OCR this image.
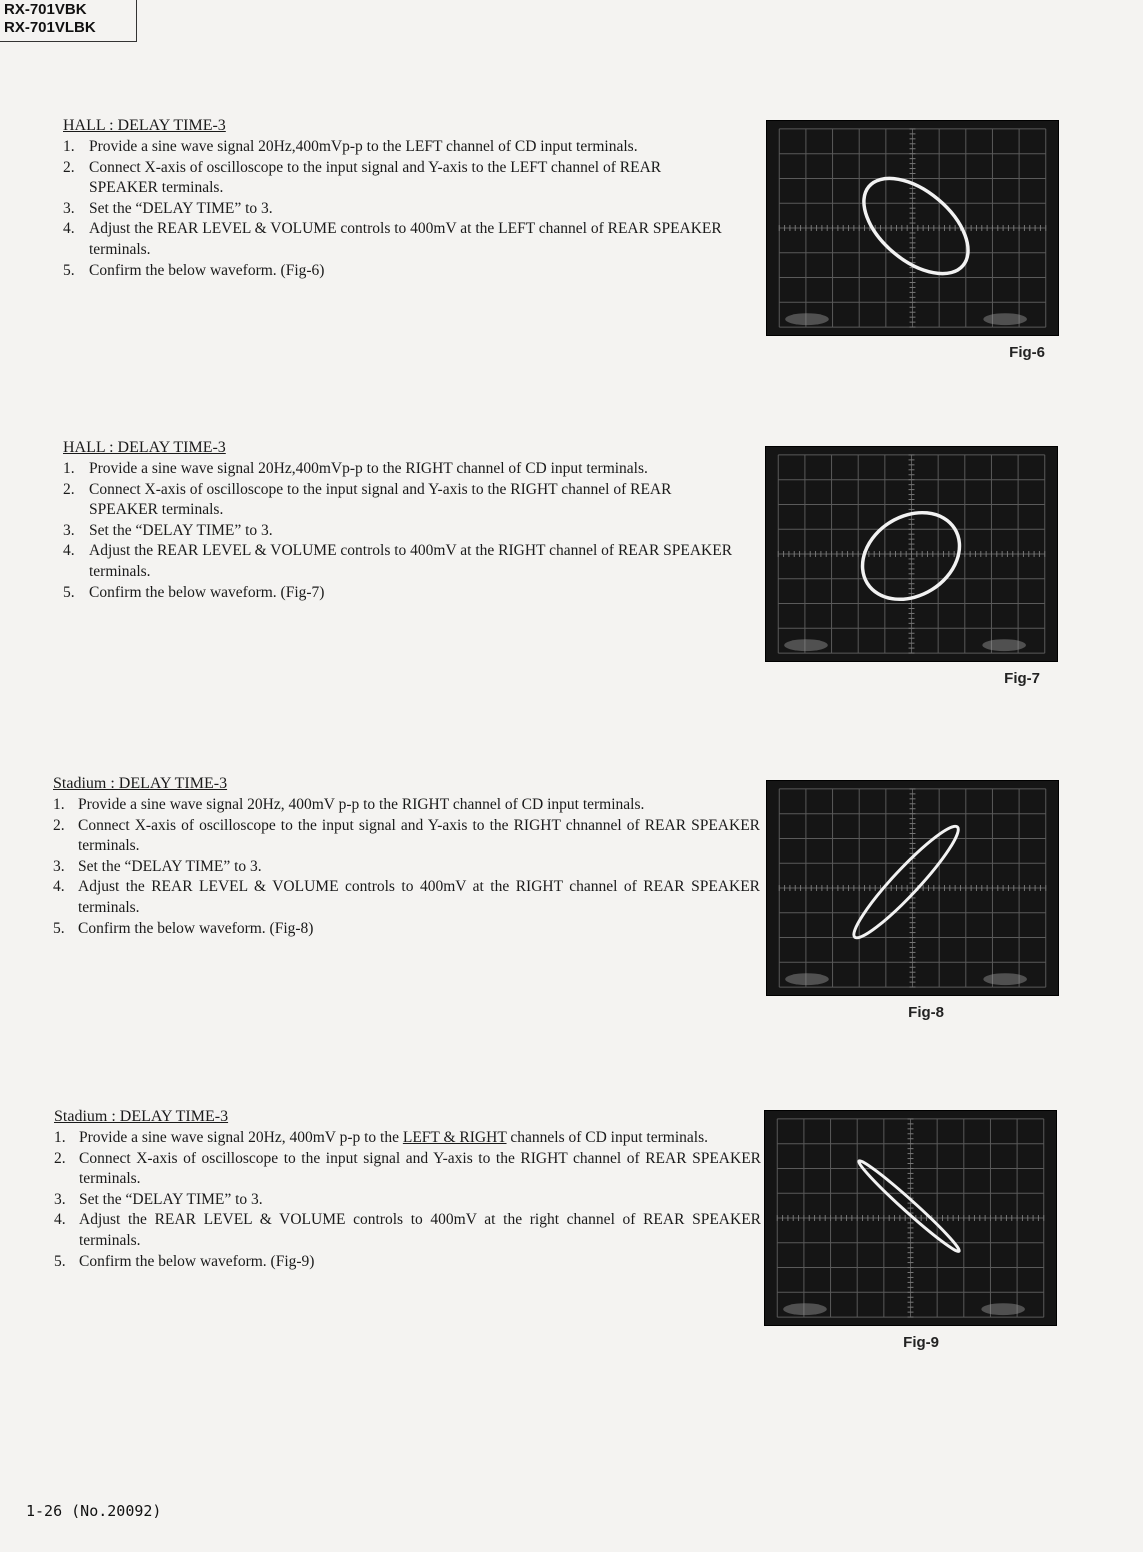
RX-701VBK
RX-701VLBK
HALL : DELAY TIME-3
1. Provide a sine wave signal 20Hz,400mVp-p to the LEFT channel of CD input terminals.
2. Connect X-axis of oscilloscope to the input signal and Y-axis to the LEFT channel of REAR SPEAKER terminals.
3. Set the “DELAY TIME” to 3.
4. Adjust the REAR LEVEL & VOLUME controls to 400mV at the LEFT channel of REAR SPEAKER terminals.
5. Confirm the below waveform. (Fig-6)
Fig-6
HALL : DELAY TIME-3
1. Provide a sine wave signal 20Hz,400mVp-p to the RIGHT channel of CD input terminals.
2. Connect X-axis of oscilloscope to the input signal and Y-axis to the RIGHT channel of REAR SPEAKER terminals.
3. Set the “DELAY TIME” to 3.
4. Adjust the REAR LEVEL & VOLUME controls to 400mV at the RIGHT channel of REAR SPEAKER terminals.
5. Confirm the below waveform. (Fig-7)
Fig-7
Stadium : DELAY TIME-3
1. Provide a sine wave signal 20Hz, 400mV p-p to the RIGHT channel of CD input terminals.
2. Connect X-axis of oscilloscope to the input signal and Y-axis to the RIGHT chnannel of REAR SPEAKER terminals.
3. Set the “DELAY TIME” to 3.
4. Adjust the REAR LEVEL & VOLUME controls to 400mV at the RIGHT channel of REAR SPEAKER terminals.
5. Confirm the below waveform. (Fig-8)
Fig-8
Stadium : DELAY TIME-3
1. Provide a sine wave signal 20Hz, 400mV p-p to the LEFT & RIGHT channels of CD input terminals.
2. Connect X-axis of oscilloscope to the input signal and Y-axis to the RIGHT channel of REAR SPEAKER terminals.
3. Set the “DELAY TIME” to 3.
4. Adjust the REAR LEVEL & VOLUME controls to 400mV at the right channel of REAR SPEAKER terminals.
5. Confirm the below waveform. (Fig-9)
Fig-9
1-26 (No.20092)
